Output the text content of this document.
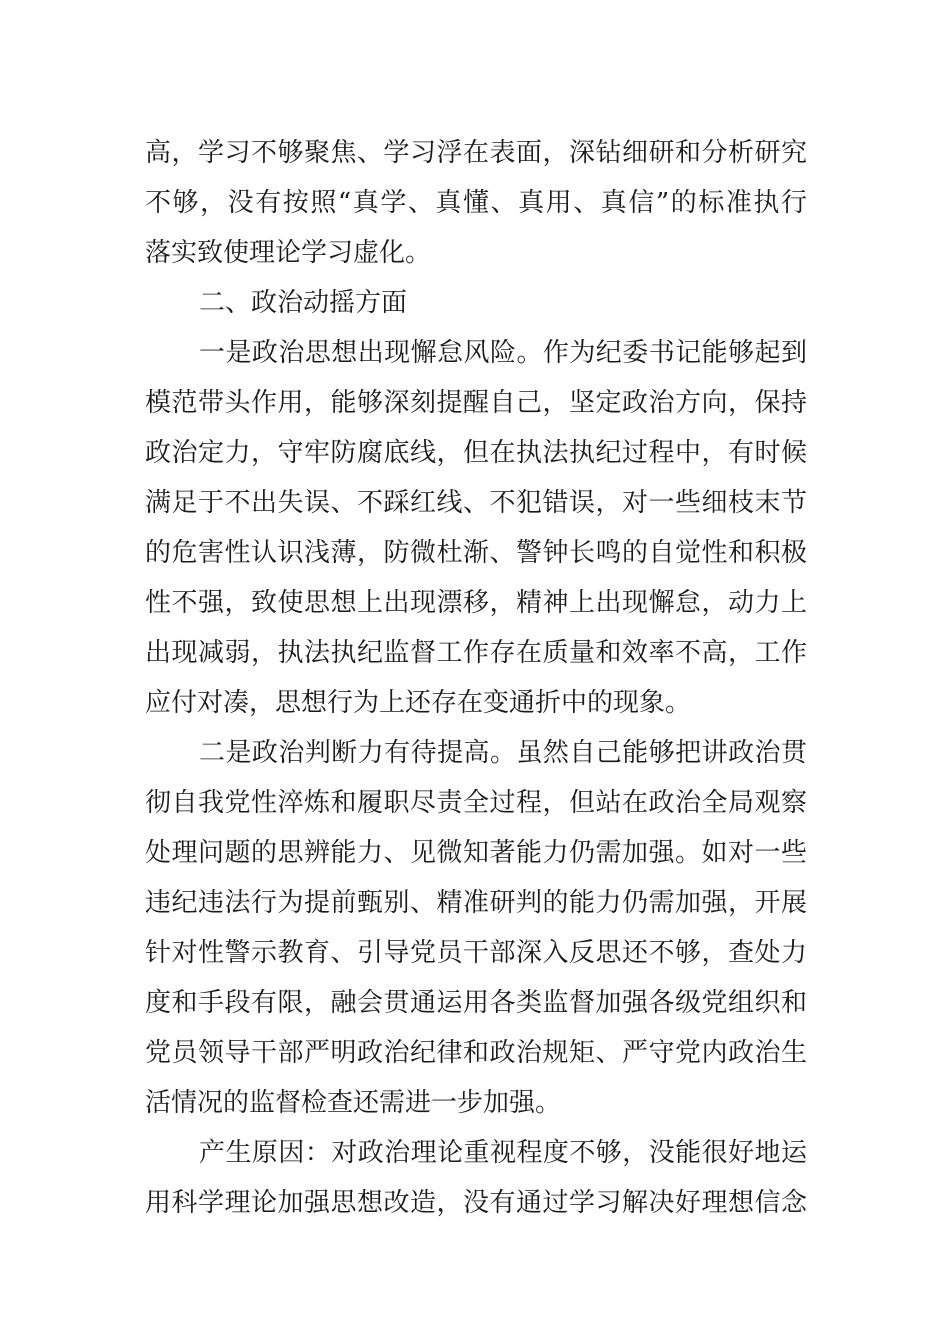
高，学习不够聚焦、学习浮在表面，深钻细研和分析研究
不够，没有按照“真学、真懂、真用、真信”的标准执行
落实致使理论学习虚化。

二、政治动摇方面

一是政治思想出现懈怠风险。作为纪委书记能够起到
模范带头作用，能够深刻提醒自己，坚定政治方向，保持
政治定力，守牢防腐底线，但在执法执纪过程中，有时候
满足于不出失误、不踩红线、不犯错误，对一些细枝末节
的危害性认识浅薄，防微杜渐、警钟长鸣的自觉性和积极
性不强，致使思想上出现漂移，精神上出现懈怠，动力上
出现减弱，执法执纪监督工作存在质量和效率不高，工作
应付对凑，思想行为上还存在变通折中的现象。

二是政治判断力有待提高。虽然自己能够把讲政治贯
彻自我党性淬炼和履职尽责全过程，但站在政治全局观察
处理问题的思辨能力、见微知著能力仍需加强。如对一些
违纪违法行为提前甄别、精准研判的能力仍需加强，开展
针对性警示教育、引导党员干部深入反思还不够，查处力
度和手段有限，融会贯通运用各类监督加强各级党组织和
党员领导干部严明政治纪律和政治规矩、严守党内政治生
活情况的监督检查还需进一步加强。

产生原因：对政治理论重视程度不够，没能很好地运
用科学理论加强思想改造，没有通过学习解决好理想信念
